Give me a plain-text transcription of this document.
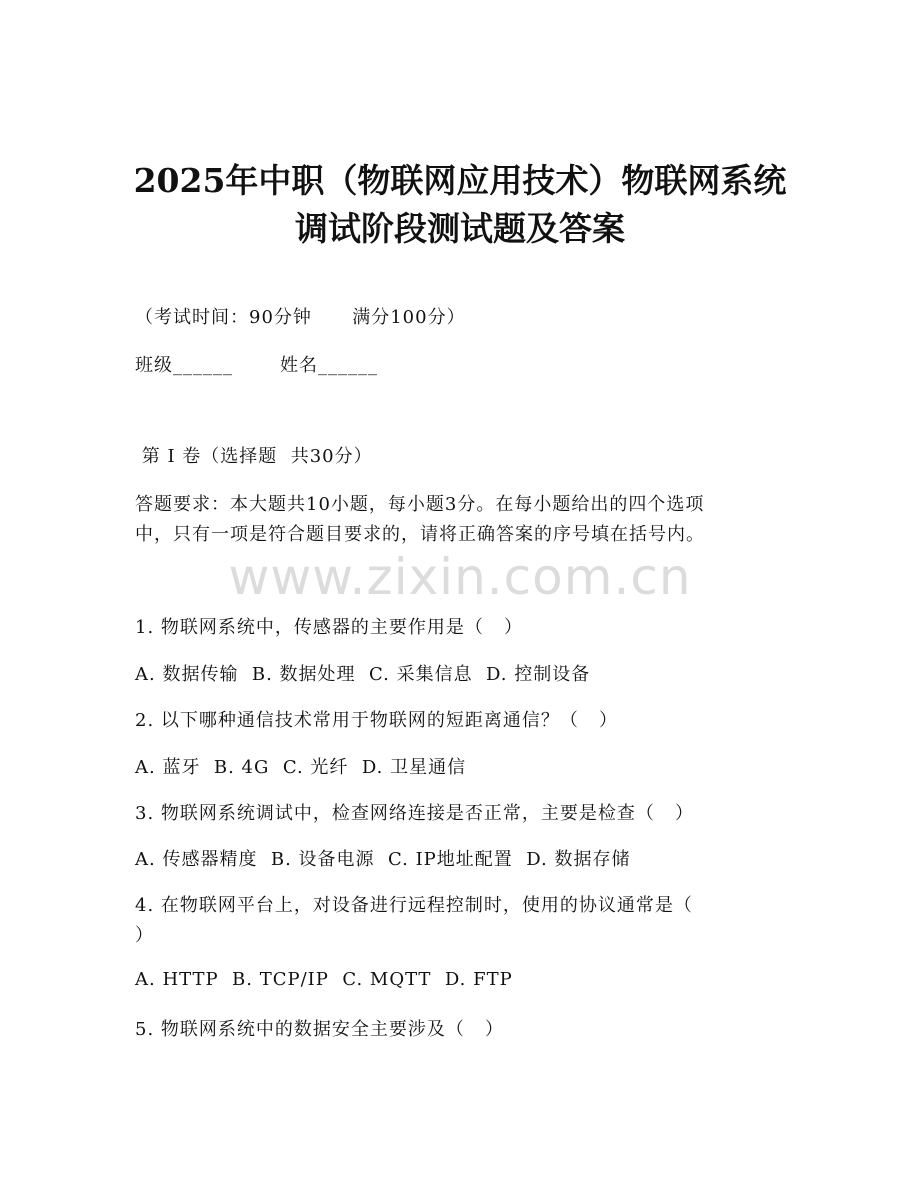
2025年中职（物联网应用技术）物联网系统
调试阶段测试题及答案
（考试时间：90分钟      满分100分）
班级______       姓名______
第 I 卷（选择题  共30分）
答题要求：本大题共10小题，每小题3分。在每小题给出的四个选项
中，只有一项是符合题目要求的，请将正确答案的序号填在括号内。
www.zixin.com.cn
1. 物联网系统中，传感器的主要作用是（   ）
A. 数据传输  B. 数据处理  C. 采集信息  D. 控制设备
2. 以下哪种通信技术常用于物联网的短距离通信？（   ）
A. 蓝牙  B. 4G  C. 光纤  D. 卫星通信
3. 物联网系统调试中，检查网络连接是否正常，主要是检查（   ）
A. 传感器精度  B. 设备电源  C. IP地址配置  D. 数据存储
4. 在物联网平台上，对设备进行远程控制时，使用的协议通常是（
）
A. HTTP  B. TCP/IP  C. MQTT  D. FTP
5. 物联网系统中的数据安全主要涉及（   ）
